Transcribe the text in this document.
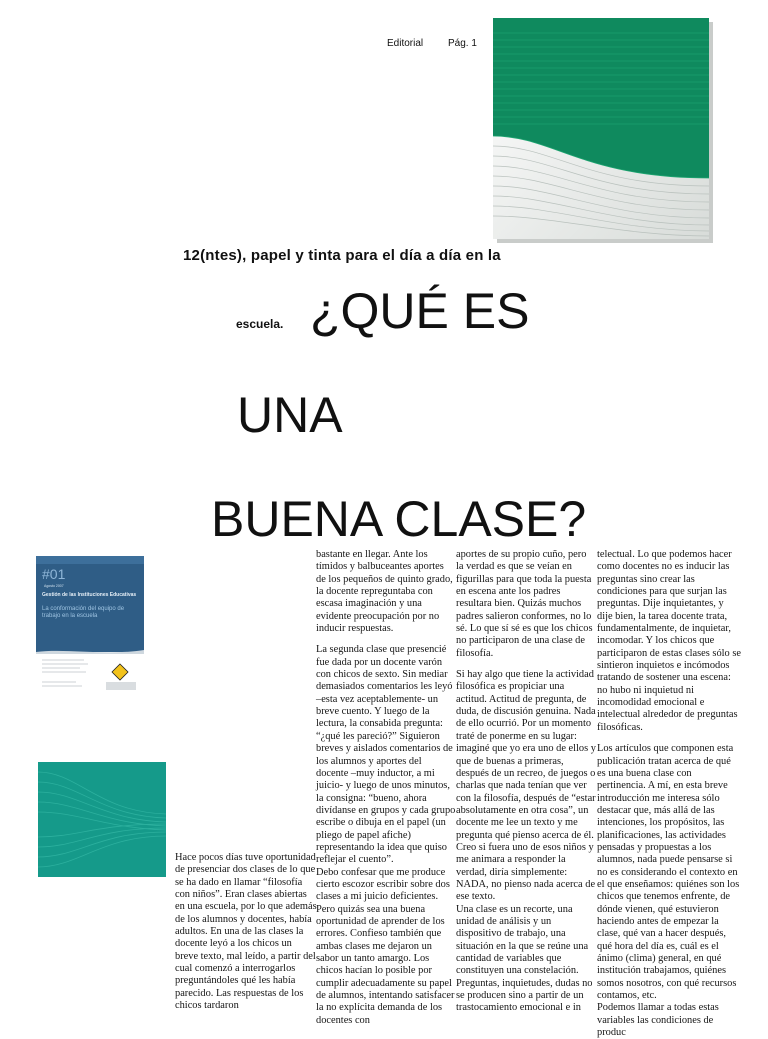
Editorial Pág. 1
12(ntes), papel y tinta para el día a día en la
escuela. ¿QUÉ ES
UNA
BUENA CLASE?
#01
Agosto 2007
Gestión de las Instituciones Educativas
La conformación del equipo de trabajo en la escuela

Hace pocos días tuve oportunidad de presenciar dos clases de lo que se ha dado en llamar “filosofía con niños”. Eran clases abiertas en una escuela, por lo que además de los alumnos y docentes, había adultos. En una de las clases la docente leyó a los chicos un breve texto, mal leído, a partir del cual comenzó a interrogarlos preguntándoles qué les había parecido. Las respuestas de los chicos tardaron

bastante en llegar. Ante los tímidos y balbuceantes aportes de los pequeños de quinto grado, la docente repreguntaba con escasa imaginación y una evidente preocupación por no inducir respuestas.

La segunda clase que presencié fue dada por un docente varón con chicos de sexto. Sin mediar demasiados comentarios les leyó –esta vez aceptablemente- un breve cuento. Y luego de la lectura, la consabida pregunta: “¿qué les pareció?” Siguieron breves y aislados comentarios de los alumnos y aportes del docente –muy inductor, a mi juicio- y luego de unos minutos, la consigna: “bueno, ahora divídanse en grupos y cada grupo escribe o dibuja en el papel (un pliego de papel afiche) representando la idea que quiso reflejar el cuento”.
Debo confesar que me produce cierto escozor escribir sobre dos clases a mi juicio deficientes. Pero quizás sea una buena oportunidad de aprender de los errores. Confieso también que ambas clases me dejaron un sabor un tanto amargo. Los chicos hacían lo posible por cumplir adecuadamente su papel de alumnos, intentando satisfacer la no explícita demanda de los docentes con

aportes de su propio cuño, pero la verdad es que se veían en figurillas para que toda la puesta en escena ante los padres resultara bien. Quizás muchos padres salieron conformes, no lo sé. Lo que sí sé es que los chicos no participaron de una clase de filosofía.

Si hay algo que tiene la actividad filosófica es propiciar una actitud. Actitud de pregunta, de duda, de discusión genuina. Nada de ello ocurrió. Por un momento traté de ponerme en su lugar: imaginé que yo era uno de ellos y que de buenas a primeras, después de un recreo, de juegos o charlas que nada tenían que ver con la filosofía, después de “estar absolutamente en otra cosa”, un docente me lee un texto y me pregunta qué pienso acerca de él. Creo si fuera uno de esos niños y me animara a responder la verdad, diría simplemente: NADA, no pienso nada acerca de ese texto.
Una clase es un recorte, una unidad de análisis y un dispositivo de trabajo, una situación en la que se reúne una cantidad de variables que constituyen una constelación. Preguntas, inquietudes, dudas no se producen sino a partir de un trastocamiento emocional e in

telectual. Lo que podemos hacer como docentes no es inducir las preguntas sino crear las condiciones para que surjan las preguntas. Dije inquietantes, y dije bien, la tarea docente trata, fundamentalmente, de inquietar, incomodar. Y los chicos que participaron de estas clases sólo se sintieron inquietos e incómodos tratando de sostener una escena: no hubo ni inquietud ni incomodidad emocional e intelectual alrededor de preguntas filosóficas.

Los artículos que componen esta publicación tratan acerca de qué es una buena clase con pertinencia. A mí, en esta breve introducción me interesa sólo destacar que, más allá de las intenciones, los propósitos, las planificaciones, las actividades pensadas y propuestas a los alumnos, nada puede pensarse si no es considerando el contexto en el que enseñamos: quiénes son los chicos que tenemos enfrente, de dónde vienen, qué estuvieron haciendo antes de empezar la clase, qué van a hacer después, qué hora del día es, cuál es el ánimo (clima) general, en qué institución trabajamos, quiénes somos nosotros, con qué recursos contamos, etc.
Podemos llamar a todas estas variables las condiciones de produc
